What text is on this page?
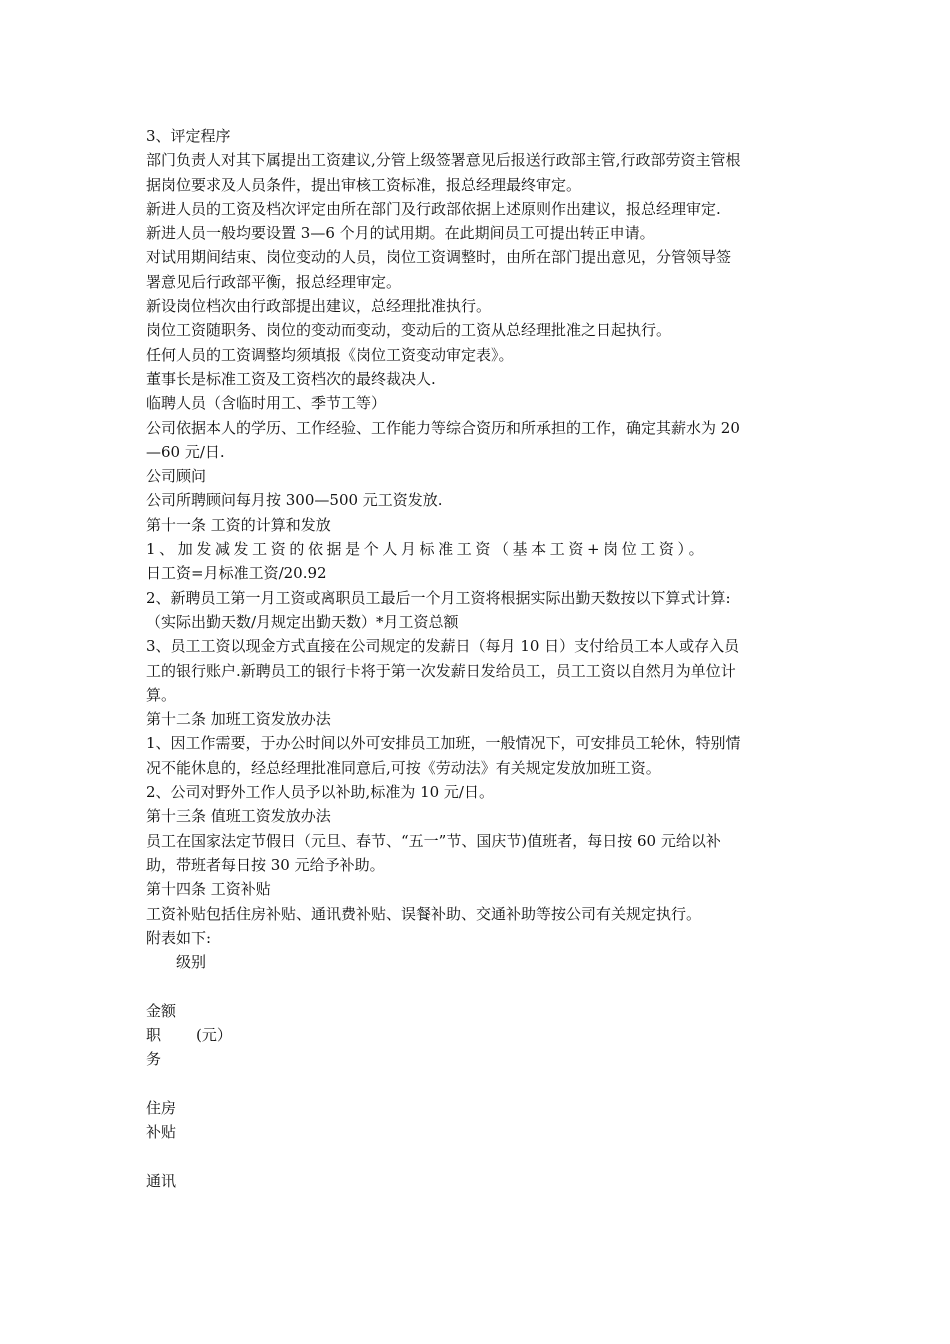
3、评定程序
部门负责人对其下属提出工资建议,分管上级签署意见后报送行政部主管,行政部劳资主管根
据岗位要求及人员条件，提出审核工资标准，报总经理最终审定。
新进人员的工资及档次评定由所在部门及行政部依据上述原则作出建议，报总经理审定.
新进人员一般均要设置 3—6 个月的试用期。在此期间员工可提出转正申请。
对试用期间结束、岗位变动的人员，岗位工资调整时，由所在部门提出意见，分管领导签
署意见后行政部平衡，报总经理审定。
新设岗位档次由行政部提出建议，总经理批准执行。
岗位工资随职务、岗位的变动而变动，变动后的工资从总经理批准之日起执行。
任何人员的工资调整均须填报《岗位工资变动审定表》。
董事长是标准工资及工资档次的最终裁决人.
临聘人员（含临时用工、季节工等）
公司依据本人的学历、工作经验、工作能力等综合资历和所承担的工作，确定其薪水为 20
—60 元/日.
公司顾问
公司所聘顾问每月按 300—500 元工资发放.
第十一条 工资的计算和发放
1、加发减发工资的依据是个人月标准工资（基本工资+岗位工资）。
日工资=月标准工资/20.92
2、新聘员工第一月工资或离职员工最后一个月工资将根据实际出勤天数按以下算式计算:
（实际出勤天数/月规定出勤天数）*月工资总额
3、员工工资以现金方式直接在公司规定的发薪日（每月 10 日）支付给员工本人或存入员
工的银行账户.新聘员工的银行卡将于第一次发薪日发给员工，员工工资以自然月为单位计
算。
第十二条 加班工资发放办法
1、因工作需要，于办公时间以外可安排员工加班，一般情况下，可安排员工轮休，特别情
况不能休息的，经总经理批准同意后,可按《劳动法》有关规定发放加班工资。
2、公司对野外工作人员予以补助,标准为 10 元/日。
第十三条 值班工资发放办法
员工在国家法定节假日（元旦、春节、“五一”节、国庆节)值班者，每日按 60 元给以补
助，带班者每日按 30 元给予补助。
第十四条 工资补贴
工资补贴包括住房补贴、通讯费补贴、误餐补助、交通补助等按公司有关规定执行。
附表如下:
级别
金额
职 (元）
务
住房
补贴
通讯
